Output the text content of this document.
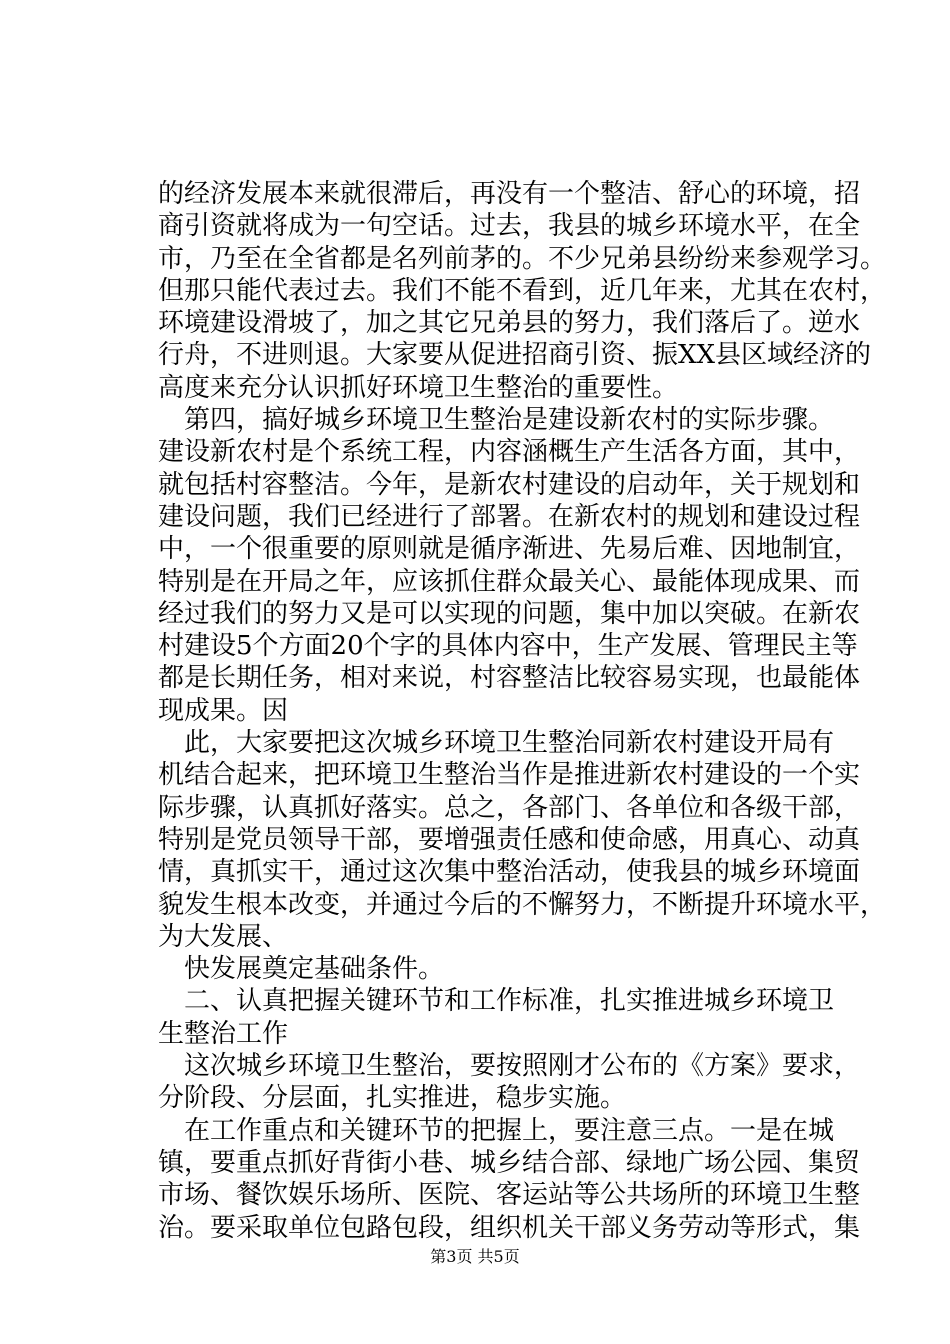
的经济发展本来就很滞后，再没有一个整洁、舒心的环境，招
商引资就将成为一句空话。过去，我县的城乡环境水平，在全
市，乃至在全省都是名列前茅的。不少兄弟县纷纷来参观学习。
但那只能代表过去。我们不能不看到，近几年来，尤其在农村，
环境建设滑坡了，加之其它兄弟县的努力，我们落后了。逆水
行舟，不进则退。大家要从促进招商引资、振XX县区域经济的
高度来充分认识抓好环境卫生整治的重要性。
第四，搞好城乡环境卫生整治是建设新农村的实际步骤。
建设新农村是个系统工程，内容涵概生产生活各方面，其中，
就包括村容整洁。今年，是新农村建设的启动年，关于规划和
建设问题，我们已经进行了部署。在新农村的规划和建设过程
中，一个很重要的原则就是循序渐进、先易后难、因地制宜，
特别是在开局之年，应该抓住群众最关心、最能体现成果、而
经过我们的努力又是可以实现的问题，集中加以突破。在新农
村建设5个方面20个字的具体内容中，生产发展、管理民主等
都是长期任务，相对来说，村容整洁比较容易实现，也最能体
现成果。因
此，大家要把这次城乡环境卫生整治同新农村建设开局有
机结合起来，把环境卫生整治当作是推进新农村建设的一个实
际步骤，认真抓好落实。总之，各部门、各单位和各级干部，
特别是党员领导干部，要增强责任感和使命感，用真心、动真
情，真抓实干，通过这次集中整治活动，使我县的城乡环境面
貌发生根本改变，并通过今后的不懈努力，不断提升环境水平，
为大发展、
快发展奠定基础条件。
二、认真把握关键环节和工作标准，扎实推进城乡环境卫
生整治工作
这次城乡环境卫生整治，要按照刚才公布的《方案》要求，
分阶段、分层面，扎实推进，稳步实施。
在工作重点和关键环节的把握上，要注意三点。一是在城
镇，要重点抓好背街小巷、城乡结合部、绿地广场公园、集贸
市场、餐饮娱乐场所、医院、客运站等公共场所的环境卫生整
治。要采取单位包路包段，组织机关干部义务劳动等形式，集
第3页 共5页
